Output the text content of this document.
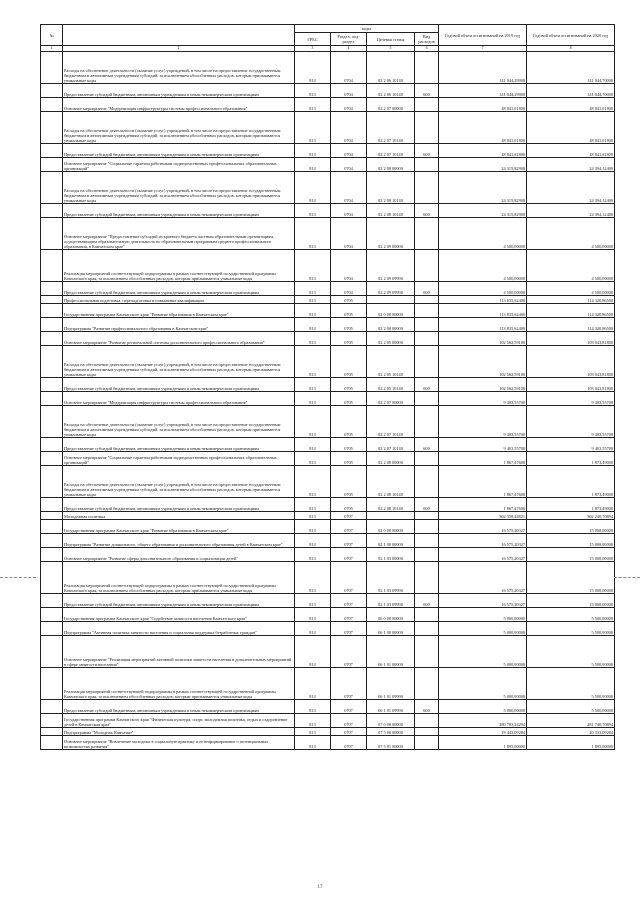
№		коды				Годовой объем ассигнований на 2019 год	Годовой объем ассигнований на 2020 год
		ГРБС	Раздел, под-раздел	Целевая статья	Вид расходов		
1	2	3	4	5	6	7	8
	Расходы на обеспечение деятельности (оказание услуг) учреждений, в том числе на предоставление государственным бюджетным и автономным учреждениям субсидий, за исключением обособленных расходов, которым присваиваются уникальные коды	813	0704	02 2 06 10140		141 044,29900	141 044,70000
	Предоставление субсидий бюджетным, автономным учреждениям и иным некоммерческим организациям	813	0704	02 2 06 10140	600	141 044,29900	141 044,70000
	Основное мероприятие "Модернизация инфраструктуры системы профессионального образования"	813	0704	02 2 07 00000		48 841,61800	48 841,61800
	Расходы на обеспечение деятельности (оказание услуг) учреждений, в том числе на предоставление государственным бюджетным и автономным учреждениям субсидий, за исключением обособленных расходов, которым присваиваются уникальные коды	813	0704	02 2 07 10140		48 841,61800	48 841,61800
	Предоставление субсидий бюджетным, автономным учреждениям и иным некоммерческим организациям	813	0704	02 2 07 10140	600	48 841,61800	48 841,61800
	Основное мероприятие "Социальные гарантии работникам подведомственных профессиональных образовательных организаций"	813	0704	02 2 08 00000		24 315,82900	24 394,12400
	Расходы на обеспечение деятельности (оказание услуг) учреждений, в том числе на предоставление государственным бюджетным и автономным учреждениям субсидий, за исключением обособленных расходов, которым присваиваются уникальные коды	813	0704	02 2 08 10140		24 315,82900	24 394,12400
	Предоставление субсидий бюджетным, автономным учреждениям и иным некоммерческим организациям	813	0704	02 2 08 10140	600	24 315,82900	24 394,12400
	Основное мероприятие "Предоставление субсидий из краевого бюджета частным образовательным организациям, осуществляющим образовательную деятельность по образовательным программам среднего профессионального образования, в Камчатском крае"	813	0704	02 2 09 00000		4 500,00000	4 500,00000
	Реализация мероприятий соответствующей подпрограммы в рамках соответствующей государственной программы Камчатского края, за исключением обособленных расходов, которым присваиваются уникальные коды	813	0704	02 2 09 09990		4 500,00000	4 500,00000
	Предоставление субсидий бюджетным, автономным учреждениям и иным некоммерческим организациям	813	0704	02 2 09 09990	600	4 500,00000	4 500,00000
	Профессиональная подготовка, переподготовка и повышение квалификации	813	0705			113 835,62400	114 320,86500
	Государственная программа Камчатского края "Развитие образования в Камчатском крае"	813	0705	02 0 00 00000		113 835,62400	114 320,86500
	Подпрограмма "Развитие профессионального образования в Камчатском крае"	813	0705	02 2 00 00000		113 835,62400	114 320,86500
	Основное мероприятие "Развитие региональной системы дополнительного профессионального образования"	813	0705	02 2 05 00000		102 562,59100	103 043,81800
	Расходы на обеспечение деятельности (оказание услуг) учреждений, в том числе на предоставление государственным бюджетным и автономным учреждениям субсидий, за исключением обособленных расходов, которым присваиваются уникальные коды	813	0705	02 2 05 10140		102 562,59100	103 043,81800
	Предоставление субсидий бюджетным, автономным учреждениям и иным некоммерческим организациям	813	0705	02 2 05 10140	600	102 562,59100	103 043,81800
	Основное мероприятие "Модернизация инфраструктуры системы профессионального образования"	813	0705	02 2 07 00000		9 403,55700	9 403,55700
	Расходы на обеспечение деятельности (оказание услуг) учреждений, в том числе на предоставление государственным бюджетным и автономным учреждениям субсидий, за исключением обособленных расходов, которым присваиваются уникальные коды	813	0705	02 2 07 10140		9 403,55700	9 403,55700
	Предоставление субсидий бюджетным, автономным учреждениям и иным некоммерческим организациям	813	0705	02 2 07 10140	600	9 403,55700	9 403,55700
	Основное мероприятие "Социальные гарантии работникам подведомственных профессиональных образовательных организаций"	813	0705	02 2 08 00000		1 867,47600	1 873,49000
	Расходы на обеспечение деятельности (оказание услуг) учреждений, в том числе на предоставление государственным бюджетным и автономным учреждениям субсидий, за исключением обособленных расходов, которым присваиваются уникальные коды	813	0705	02 2 08 10140		1 867,47600	1 873,49000
	Предоставление субсидий бюджетным, автономным учреждениям и иным некоммерческим организациям	813	0705	02 2 08 10140	600	1 867,47600	1 873,49000
	Молодежная политика	813	0707			302 358,44821	302 240,70894
	Государственная программа Камчатского края "Развитие образования в Камчатском крае"	813	0707	02 0 00 00000		16 575,20327	15 000,00000
	Подпрограмма "Развитие дошкольного, общего образования и дополнительного образования детей в Камчатском крае"	813	0707	02 1 00 00000		16 575,20327	15 000,00000
	Основное мероприятие "Развитие сферы дополнительного образования и социализации детей"	813	0707	02 1 03 00000		16 575,20327	15 000,00000
	Реализация мероприятий соответствующей подпрограммы в рамках соответствующей государственной программы Камчатского края, за исключением обособленных расходов, которым присваиваются уникальные коды	813	0707	02 1 03 09990		16 575,20327	15 000,00000
	Предоставление субсидий бюджетным, автономным учреждениям и иным некоммерческим организациям	813	0707	02 1 03 09990	600	16 575,20327	15 000,00000
	Государственная программа Камчатского края "Содействие занятости населения Камчатского края"	813	0707	06 0 00 00000		5 000,00000	5 500,00000
	Подпрограмма "Активная политика занятости населения и социальная поддержка безработных граждан"	813	0707	06 1 00 00000		5 000,00000	5 500,00000
	Основное мероприятие "Реализация мероприятий активной политики занятости населения и дополнительных мероприятий в сфере занятости населения"	813	0707	06 1 01 00000		5 000,00000	5 500,00000
	Реализация мероприятий соответствующей подпрограммы в рамках соответствующей государственной программы Камчатского края, за исключением обособленных расходов, которым присваиваются уникальные коды	813	0707	06 1 01 09990		5 000,00000	5 500,00000
	Предоставление субсидий бюджетным, автономным учреждениям и иным некоммерческим организациям	813	0707	06 1 01 09990	600	5 000,00000	5 500,00000
	Государственная программа Камчатского края "Физическая культура, спорт, молодежная политика, отдых и оздоровление детей в Камчатском крае"	813	0707	07 0 00 00000		280 783,24294	281 740,70894
	Подпрограмма "Молодежь Камчатки"	813	0707	07 5 00 00000		19 443,09284	20 333,09284
	Основное мероприятие "Вовлечение молодежи в социальную практику и ее информирование о потенциальных возможностях развития"	813	0707	07 5 01 00000		1 895,00000	1 895,00000
17
